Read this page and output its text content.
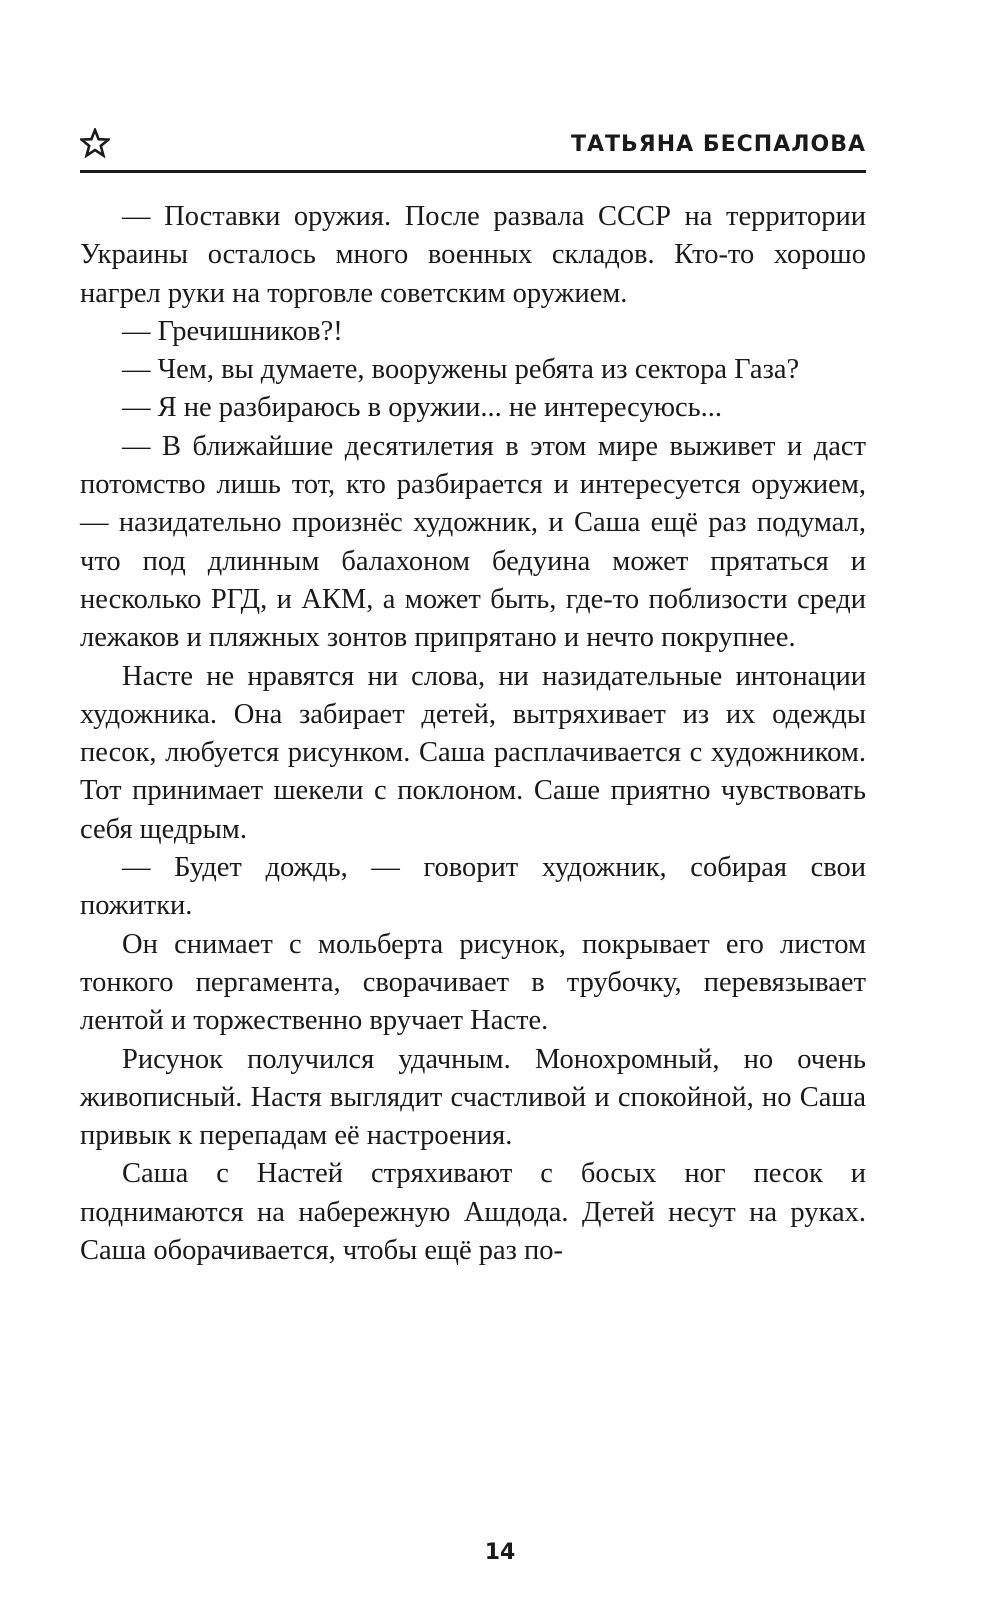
ТАТЬЯНА БЕСПАЛОВА

— Поставки оружия. После развала СССР на территории Украины осталось много военных складов. Кто-то хорошо нагрел руки на торговле советским оружием.

— Гречишников?!

— Чем, вы думаете, вооружены ребята из сектора Газа?

— Я не разбираюсь в оружии... не интересуюсь...

— В ближайшие десятилетия в этом мире выживет и даст потомство лишь тот, кто разбирается и интересуется оружием, — назидательно произнёс художник, и Саша ещё раз подумал, что под длинным балахоном бедуина может прятаться и несколько РГД, и АКМ, а может быть, где-то поблизости среди лежаков и пляжных зонтов припрятано и нечто покрупнее.

Насте не нравятся ни слова, ни назидательные интонации художника. Она забирает детей, вытряхивает из их одежды песок, любуется рисунком. Саша расплачивается с художником. Тот принимает шекели с поклоном. Саше приятно чувствовать себя щедрым.

— Будет дождь, — говорит художник, собирая свои пожитки.

Он снимает с мольберта рисунок, покрывает его листом тонкого пергамента, сворачивает в трубочку, перевязывает лентой и торжественно вручает Насте.

Рисунок получился удачным. Монохромный, но очень живописный. Настя выглядит счастливой и спокойной, но Саша привык к перепадам её настроения.

Саша с Настей стряхивают с босых ног песок и поднимаются на набережную Ашдода. Детей несут на руках. Саша оборачивается, чтобы ещё раз по-

14
